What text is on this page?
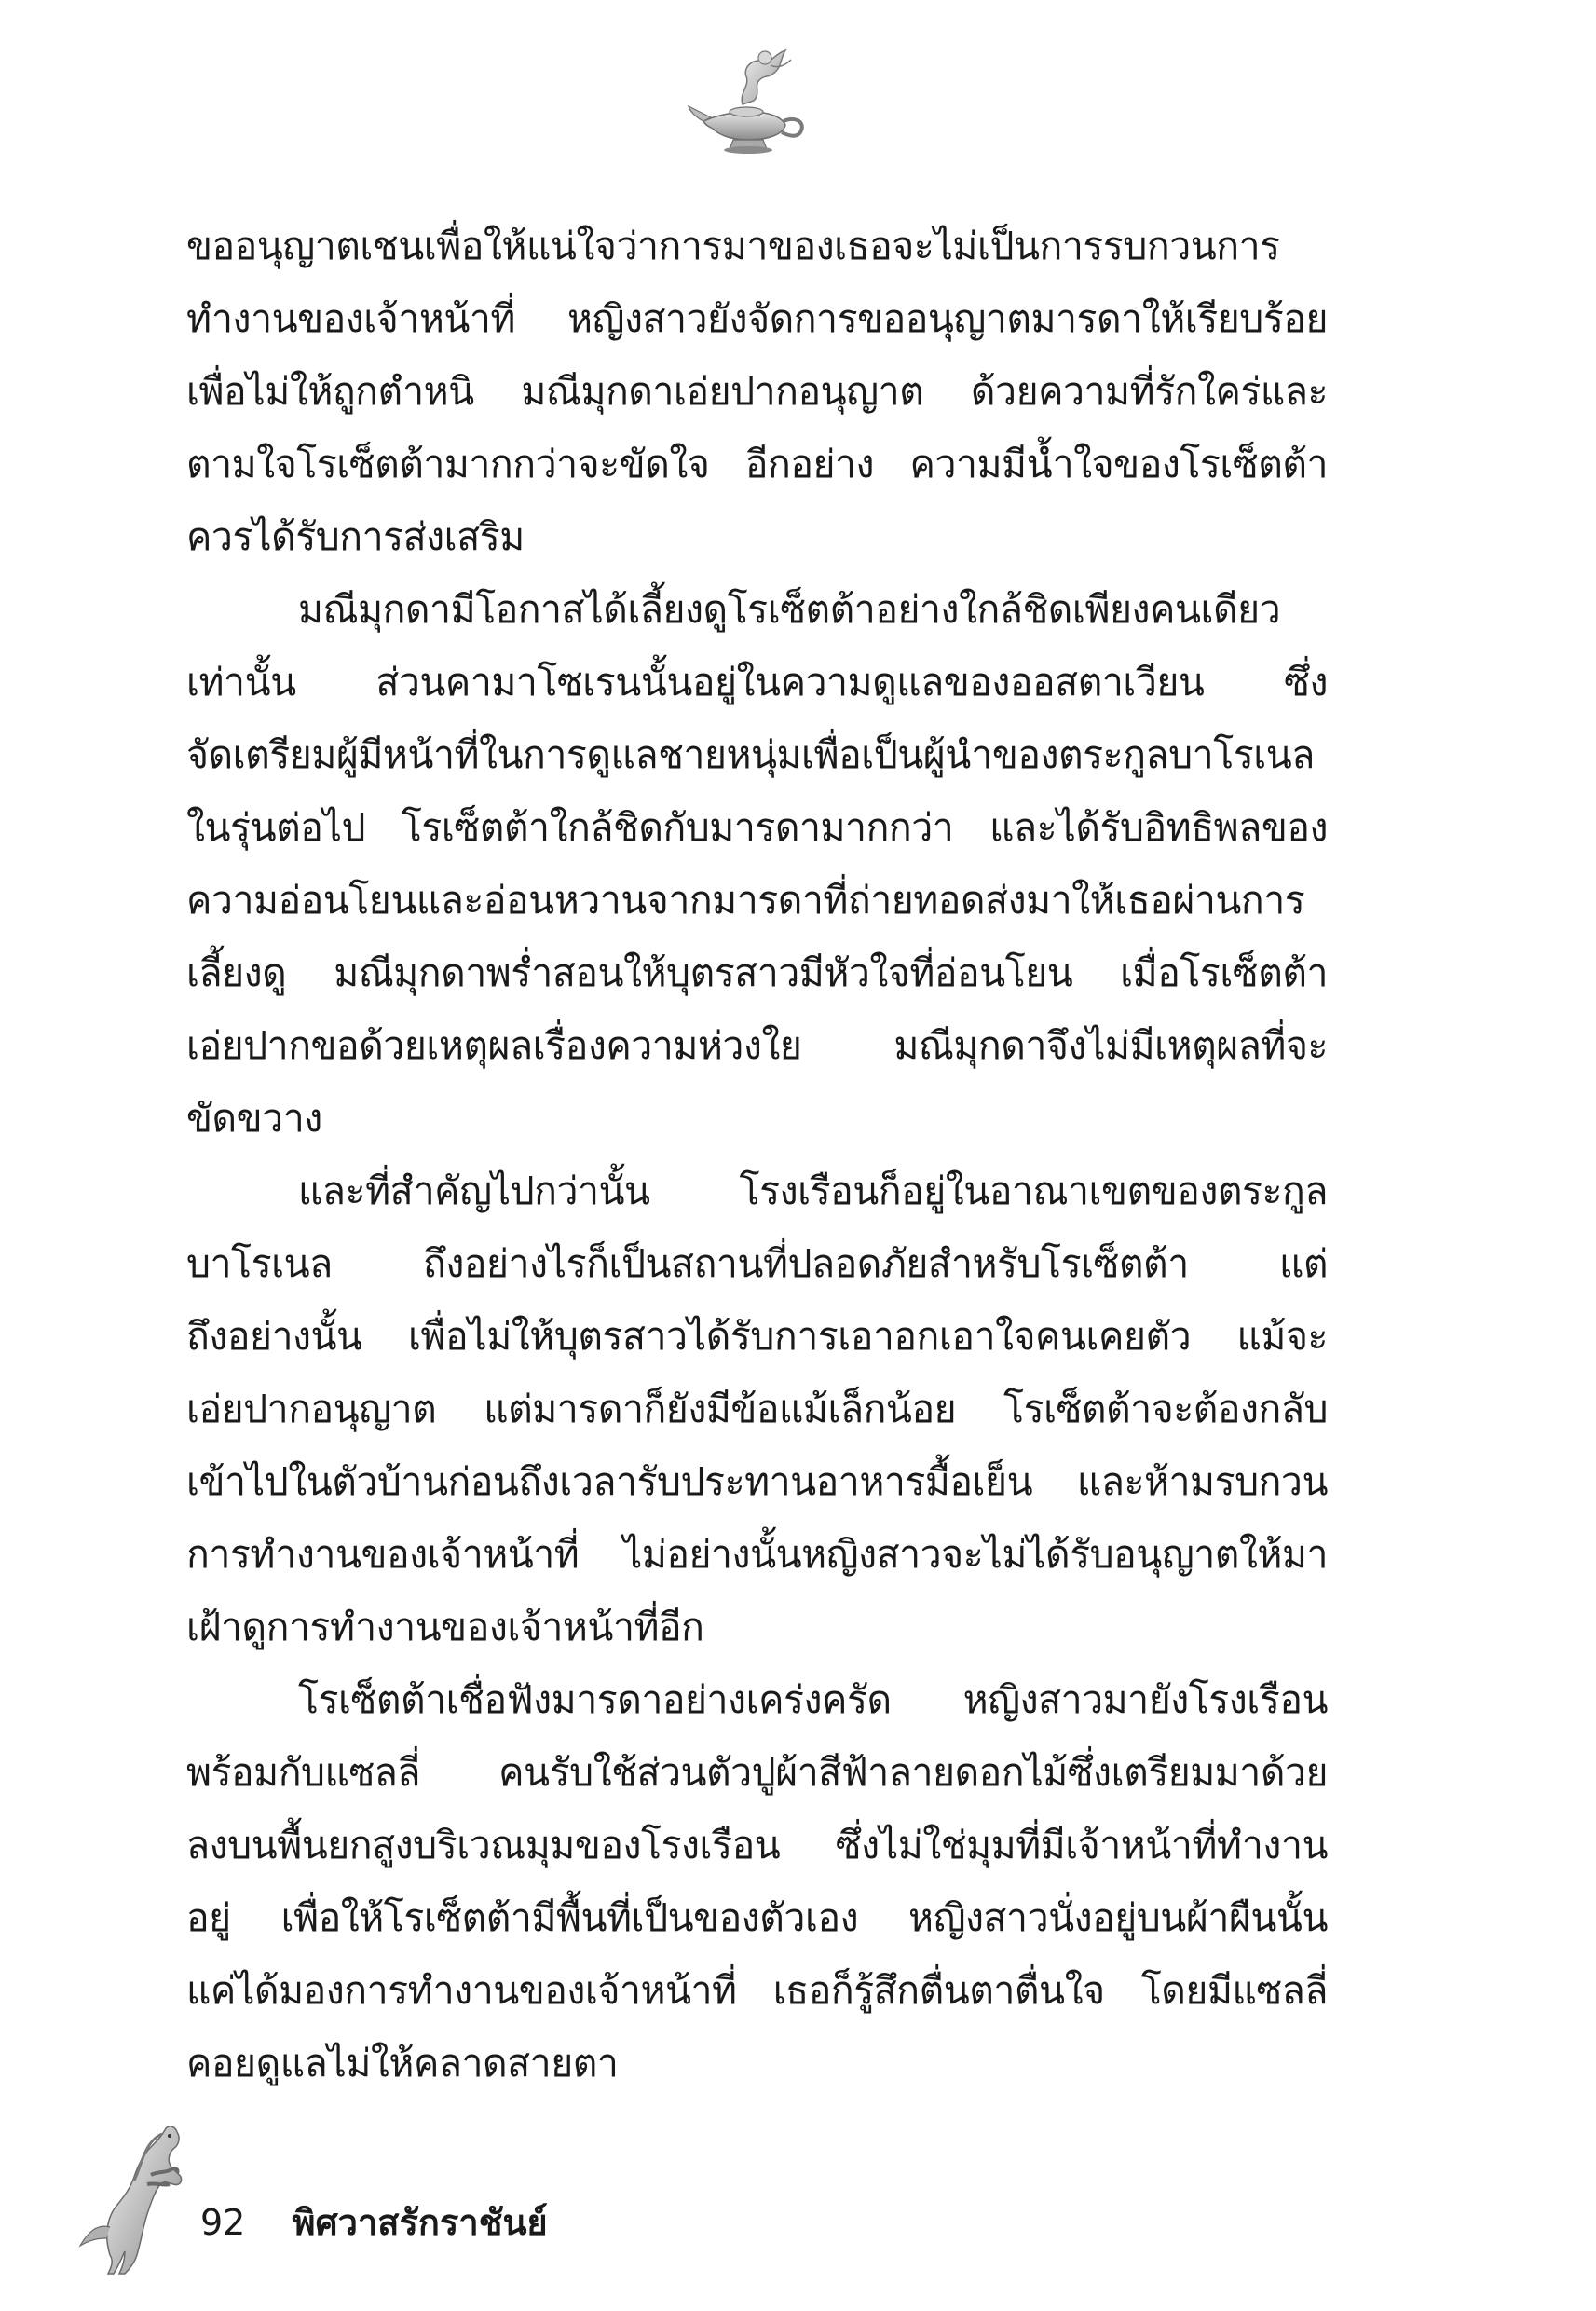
ขออนุญาตเชนเพื่อให้แน่ใจว่าการมาของเธอจะไม่เป็นการรบกวนการ
ทำงานของเจ้าหน้าที่ หญิงสาวยังจัดการขออนุญาตมารดาให้เรียบร้อย
เพื่อไม่ให้ถูกตำหนิ มณีมุกดาเอ่ยปากอนุญาต ด้วยความที่รักใคร่และ
ตามใจโรเซ็ตต้ามากกว่าจะขัดใจ อีกอย่าง ความมีน้ำใจของโรเซ็ตต้า
ควรได้รับการส่งเสริม
มณีมุกดามีโอกาสได้เลี้ยงดูโรเซ็ตต้าอย่างใกล้ชิดเพียงคนเดียว
เท่านั้น ส่วนคามาโซเรนนั้นอยู่ในความดูแลของออสตาเวียน ซึ่ง
จัดเตรียมผู้มีหน้าที่ในการดูแลชายหนุ่มเพื่อเป็นผู้นำของตระกูลบาโรเนล
ในรุ่นต่อไป โรเซ็ตต้าใกล้ชิดกับมารดามากกว่า และได้รับอิทธิพลของ
ความอ่อนโยนและอ่อนหวานจากมารดาที่ถ่ายทอดส่งมาให้เธอผ่านการ
เลี้ยงดู มณีมุกดาพร่ำสอนให้บุตรสาวมีหัวใจที่อ่อนโยน เมื่อโรเซ็ตต้า
เอ่ยปากขอด้วยเหตุผลเรื่องความห่วงใย มณีมุกดาจึงไม่มีเหตุผลที่จะ
ขัดขวาง
และที่สำคัญไปกว่านั้น โรงเรือนก็อยู่ในอาณาเขตของตระกูล
บาโรเนล ถึงอย่างไรก็เป็นสถานที่ปลอดภัยสำหรับโรเซ็ตต้า แต่
ถึงอย่างนั้น เพื่อไม่ให้บุตรสาวได้รับการเอาอกเอาใจคนเคยตัว แม้จะ
เอ่ยปากอนุญาต แต่มารดาก็ยังมีข้อแม้เล็กน้อย โรเซ็ตต้าจะต้องกลับ
เข้าไปในตัวบ้านก่อนถึงเวลารับประทานอาหารมื้อเย็น และห้ามรบกวน
การทำงานของเจ้าหน้าที่ ไม่อย่างนั้นหญิงสาวจะไม่ได้รับอนุญาตให้มา
เฝ้าดูการทำงานของเจ้าหน้าที่อีก
โรเซ็ตต้าเชื่อฟังมารดาอย่างเคร่งครัด หญิงสาวมายังโรงเรือน
พร้อมกับแซลลี่ คนรับใช้ส่วนตัวปูผ้าสีฟ้าลายดอกไม้ซึ่งเตรียมมาด้วย
ลงบนพื้นยกสูงบริเวณมุมของโรงเรือน ซึ่งไม่ใช่มุมที่มีเจ้าหน้าที่ทำงาน
อยู่ เพื่อให้โรเซ็ตต้ามีพื้นที่เป็นของตัวเอง หญิงสาวนั่งอยู่บนผ้าผืนนั้น
แค่ได้มองการทำงานของเจ้าหน้าที่ เธอก็รู้สึกตื่นตาตื่นใจ โดยมีแซลลี่
คอยดูแลไม่ให้คลาดสายตา
92 พิศวาสรักราชันย์
